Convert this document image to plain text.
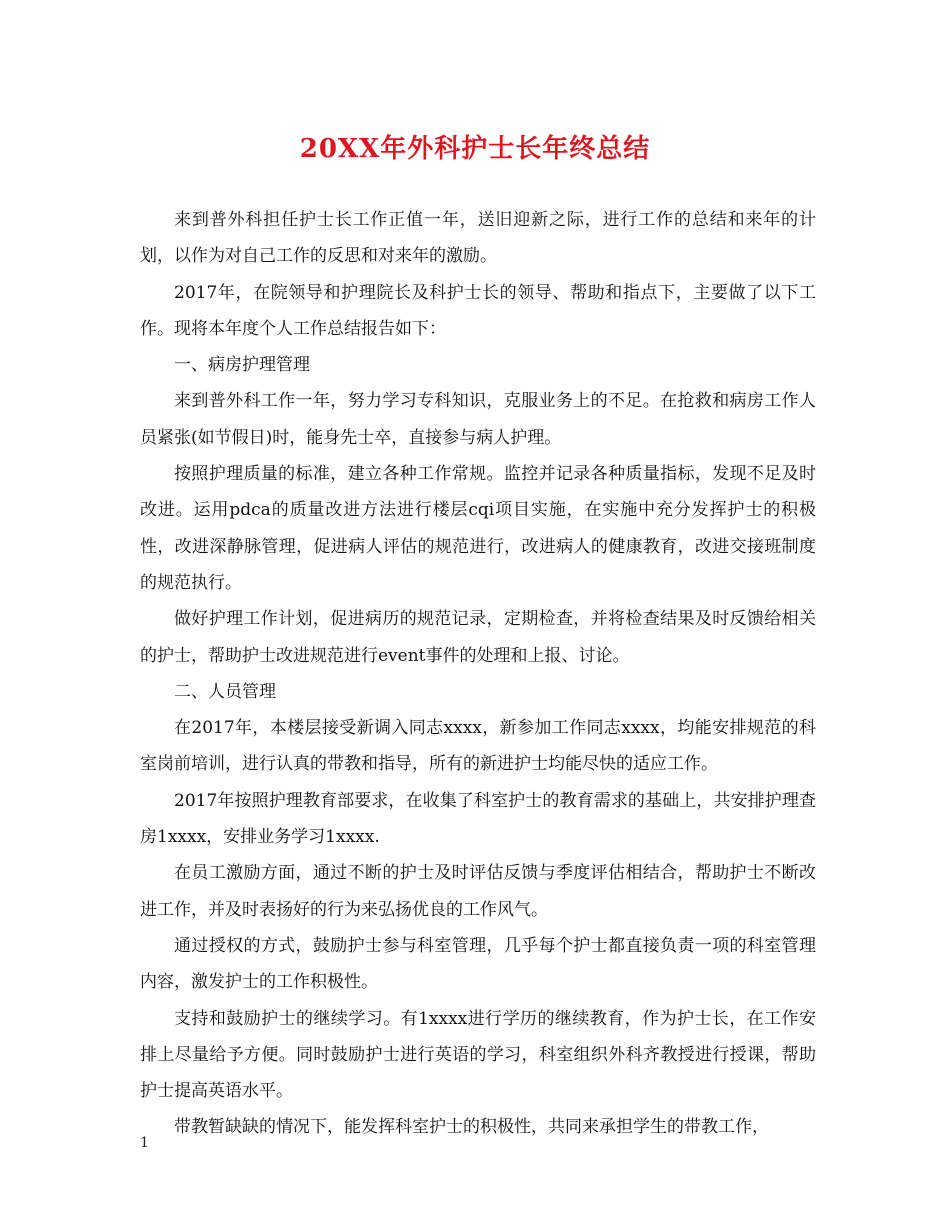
20XX年外科护士长年终总结

来到普外科担任护士长工作正值一年，送旧迎新之际，进行工作的总结和来年的计划，以作为对自己工作的反思和对来年的激励。

2017年，在院领导和护理院长及科护士长的领导、帮助和指点下，主要做了以下工作。现将本年度个人工作总结报告如下：

一、病房护理管理

来到普外科工作一年，努力学习专科知识，克服业务上的不足。在抢救和病房工作人员紧张(如节假日)时，能身先士卒，直接参与病人护理。

按照护理质量的标准，建立各种工作常规。监控并记录各种质量指标，发现不足及时改进。运用pdca的质量改进方法进行楼层cqi项目实施，在实施中充分发挥护士的积极性，改进深静脉管理，促进病人评估的规范进行，改进病人的健康教育，改进交接班制度的规范执行。

做好护理工作计划，促进病历的规范记录，定期检查，并将检查结果及时反馈给相关的护士，帮助护士改进规范进行event事件的处理和上报、讨论。

二、人员管理

在2017年，本楼层接受新调入同志xxxx，新参加工作同志xxxx，均能安排规范的科室岗前培训，进行认真的带教和指导，所有的新进护士均能尽快的适应工作。

2017年按照护理教育部要求，在收集了科室护士的教育需求的基础上，共安排护理查房1xxxx，安排业务学习1xxxx.

在员工激励方面，通过不断的护士及时评估反馈与季度评估相结合，帮助护士不断改进工作，并及时表扬好的行为来弘扬优良的工作风气。

通过授权的方式，鼓励护士参与科室管理，几乎每个护士都直接负责一项的科室管理内容，激发护士的工作积极性。

支持和鼓励护士的继续学习。有1xxxx进行学历的继续教育，作为护士长，在工作安排上尽量给予方便。同时鼓励护士进行英语的学习，科室组织外科齐教授进行授课，帮助护士提高英语水平。

带教暂缺缺的情况下，能发挥科室护士的积极性，共同来承担学生的带教工作，

1
